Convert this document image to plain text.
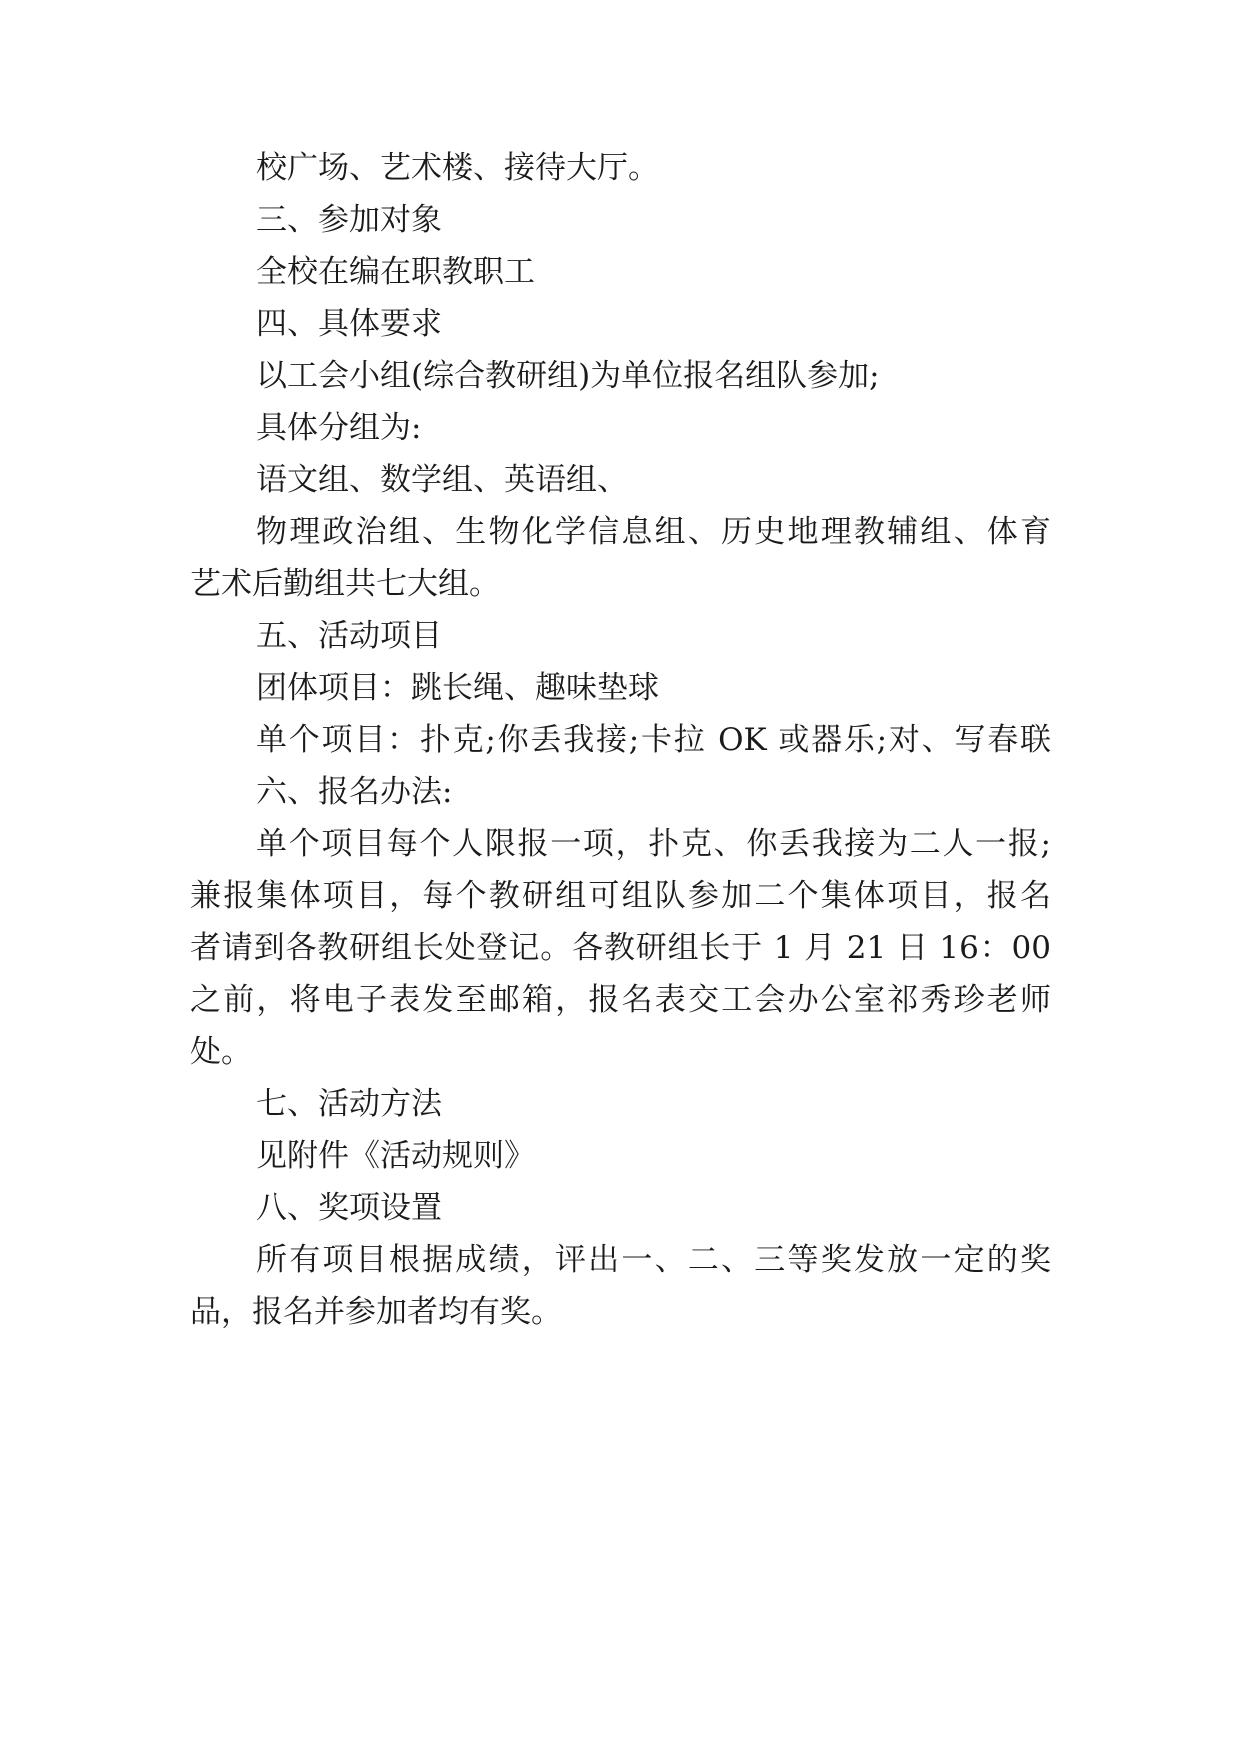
校广场、艺术楼、接待大厅。
三、参加对象
全校在编在职教职工
四、具体要求
以工会小组(综合教研组)为单位报名组队参加;
具体分组为:
语文组、数学组、英语组、
物理政治组、生物化学信息组、历史地理教辅组、体育
艺术后勤组共七大组。
五、活动项目
团体项目：跳长绳、趣味垫球
单个项目：扑克;你丢我接;卡拉 OK 或器乐;对、写春联
六、报名办法:
单个项目每个人限报一项，扑克、你丢我接为二人一报;
兼报集体项目，每个教研组可组队参加二个集体项目，报名
者请到各教研组长处登记。各教研组长于 1 月 21 日 16：00
之前，将电子表发至邮箱，报名表交工会办公室祁秀珍老师
处。
七、活动方法
见附件《活动规则》
八、奖项设置
所有项目根据成绩，评出一、二、三等奖发放一定的奖
品，报名并参加者均有奖。
